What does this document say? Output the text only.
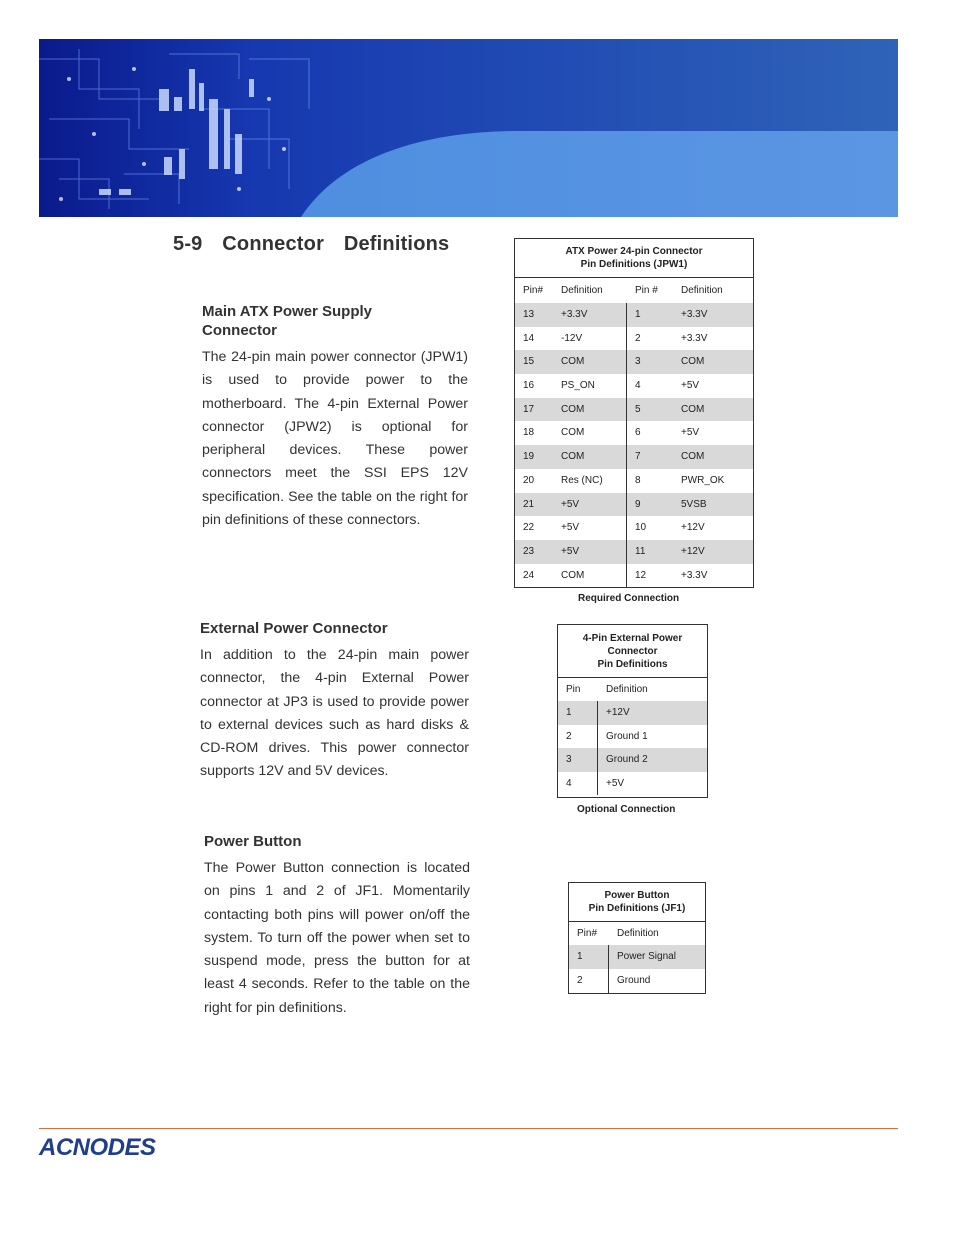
5-9 Connector Definitions
Main ATX Power Supply
Connector
The 24-pin main power connector (JPW1) is used to provide power to the motherboard. The 4-pin External Power connector (JPW2) is optional for peripheral devices. These power connectors meet the SSI EPS 12V specification. See the table on the right for pin definitions of these connectors.
External Power Connector
In addition to the 24-pin main power connector, the 4-pin External Power connector at JP3 is used to provide power to external devices such as hard disks & CD-ROM drives. This power connector supports 12V and 5V devices.
Power Button
The Power Button connection is located on pins 1 and 2 of JF1. Momentarily contacting both pins will power on/off the system. To turn off the power when set to suspend mode, press the button for at least 4 seconds. Refer to the table on the right for pin definitions.
ATX Power 24-pin Connector
Pin Definitions (JPW1)
Pin#	Definition	Pin #	Definition
13	+3.3V	1	+3.3V
14	-12V	2	+3.3V
15	COM	3	COM
16	PS_ON	4	+5V
17	COM	5	COM
18	COM	6	+5V
19	COM	7	COM
20	Res (NC)	8	PWR_OK
21	+5V	9	5VSB
22	+5V	10	+12V
23	+5V	11	+12V
24	COM	12	+3.3V
Required Connection
4-Pin External Power
Connector
Pin Definitions
Pin	Definition
1	+12V
2	Ground 1
3	Ground 2
4	+5V
Optional Connection
Power Button
Pin Definitions (JF1)
Pin#	Definition
1	Power Signal
2	Ground
ACNODES
